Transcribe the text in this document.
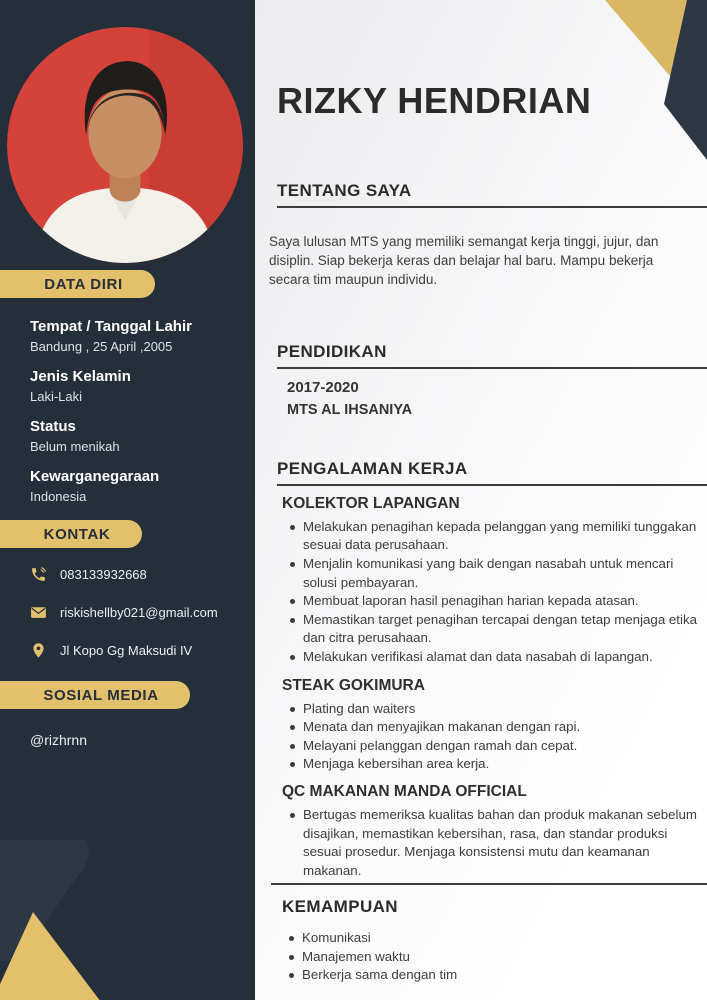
DATA DIRI
Tempat / Tanggal Lahir
Bandung , 25 April ,2005
Jenis Kelamin
Laki-Laki
Status
Belum menikah
Kewarganegaraan
Indonesia
KONTAK
083133932668
riskishellby021@gmail.com
Jl Kopo Gg Maksudi IV
SOSIAL MEDIA
@rizhrnn
RIZKY HENDRIAN
TENTANG SAYA

Saya lulusan MTS yang memiliki semangat kerja tinggi, jujur, dan disiplin. Siap bekerja keras dan belajar hal baru. Mampu bekerja secara tim maupun individu.

PENDIDIKAN
2017-2020
MTS AL IHSANIYA
PENGALAMAN KERJA
KOLEKTOR LAPANGAN
Melakukan penagihan kepada pelanggan yang memiliki tunggakan sesuai data perusahaan.
Menjalin komunikasi yang baik dengan nasabah untuk mencari solusi pembayaran.
Membuat laporan hasil penagihan harian kepada atasan.
Memastikan target penagihan tercapai dengan tetap menjaga etika dan citra perusahaan.
Melakukan verifikasi alamat dan data nasabah di lapangan.
STEAK GOKIMURA
Plating dan waiters
Menata dan menyajikan makanan dengan rapi.
Melayani pelanggan dengan ramah dan cepat.
Menjaga kebersihan area kerja.
QC MAKANAN MANDA OFFICIAL
Bertugas memeriksa kualitas bahan dan produk makanan sebelum disajikan, memastikan kebersihan, rasa, dan standar produksi sesuai prosedur. Menjaga konsistensi mutu dan keamanan makanan.
KEMAMPUAN
Komunikasi
Manajemen waktu
Berkerja sama dengan tim
